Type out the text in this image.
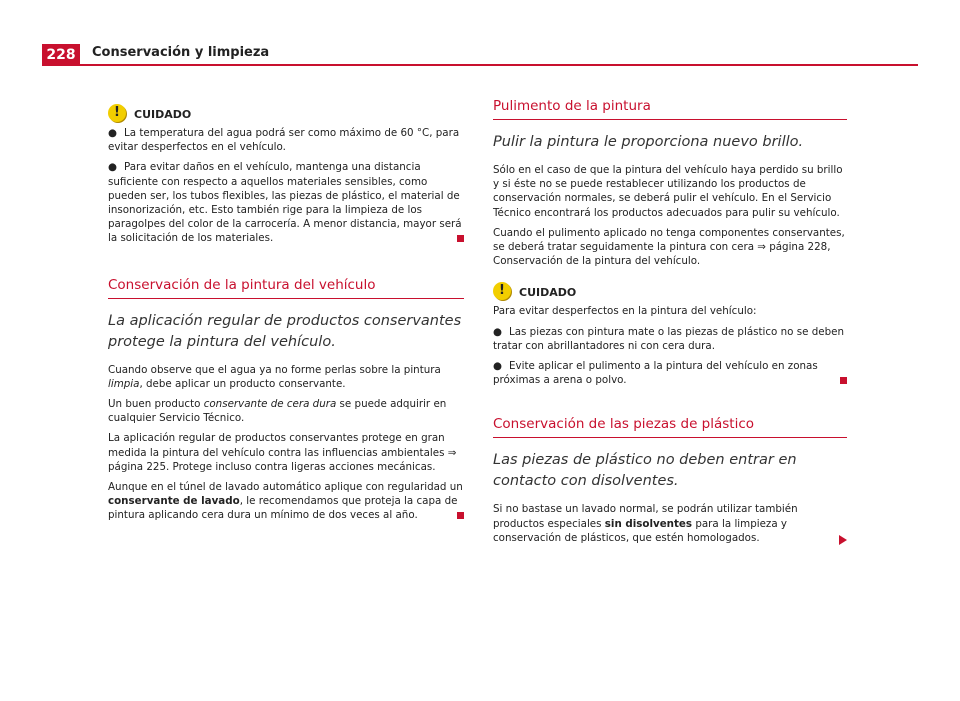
228	Conservación y limpieza
!	CUIDADO

● La temperatura del agua podrá ser como máximo de 60 °C, para evitar desperfectos en el vehículo.

● Para evitar daños en el vehículo, mantenga una distancia suficiente con respecto a aquellos materiales sensibles, como pueden ser, los tubos flexibles, las piezas de plástico, el material de insonorización, etc. Esto también rige para la limpieza de los paragolpes del color de la carrocería. A menor distancia, mayor será la solicitación de los materiales.

Conservación de la pintura del vehículo

La aplicación regular de productos conservantes protege la pintura del vehículo.

Cuando observe que el agua ya no forme perlas sobre la pintura limpia, debe aplicar un producto conservante.

Un buen producto conservante de cera dura se puede adquirir en cualquier Servicio Técnico.

La aplicación regular de productos conservantes protege en gran medida la pintura del vehículo contra las influencias ambientales ⇒ página 225. Protege incluso contra ligeras acciones mecánicas.

Aunque en el túnel de lavado automático aplique con regularidad un conservante de lavado, le recomendamos que proteja la capa de pintura aplicando cera dura un mínimo de dos veces al año.

Pulimento de la pintura

Pulir la pintura le proporciona nuevo brillo.

Sólo en el caso de que la pintura del vehículo haya perdido su brillo y si éste no se puede restablecer utilizando los productos de conservación normales, se deberá pulir el vehículo. En el Servicio Técnico encontrará los productos adecuados para pulir su vehículo.

Cuando el pulimento aplicado no tenga componentes conservantes, se deberá tratar seguidamente la pintura con cera ⇒ página 228, Conservación de la pintura del vehículo.

!	CUIDADO

Para evitar desperfectos en la pintura del vehículo:

● Las piezas con pintura mate o las piezas de plástico no se deben tratar con abrillantadores ni con cera dura.

● Evite aplicar el pulimento a la pintura del vehículo en zonas próximas a arena o polvo.

Conservación de las piezas de plástico

Las piezas de plástico no deben entrar en contacto con disolventes.

Si no bastase un lavado normal, se podrán utilizar también productos especiales sin disolventes para la limpieza y conservación de plásticos, que estén homologados.
